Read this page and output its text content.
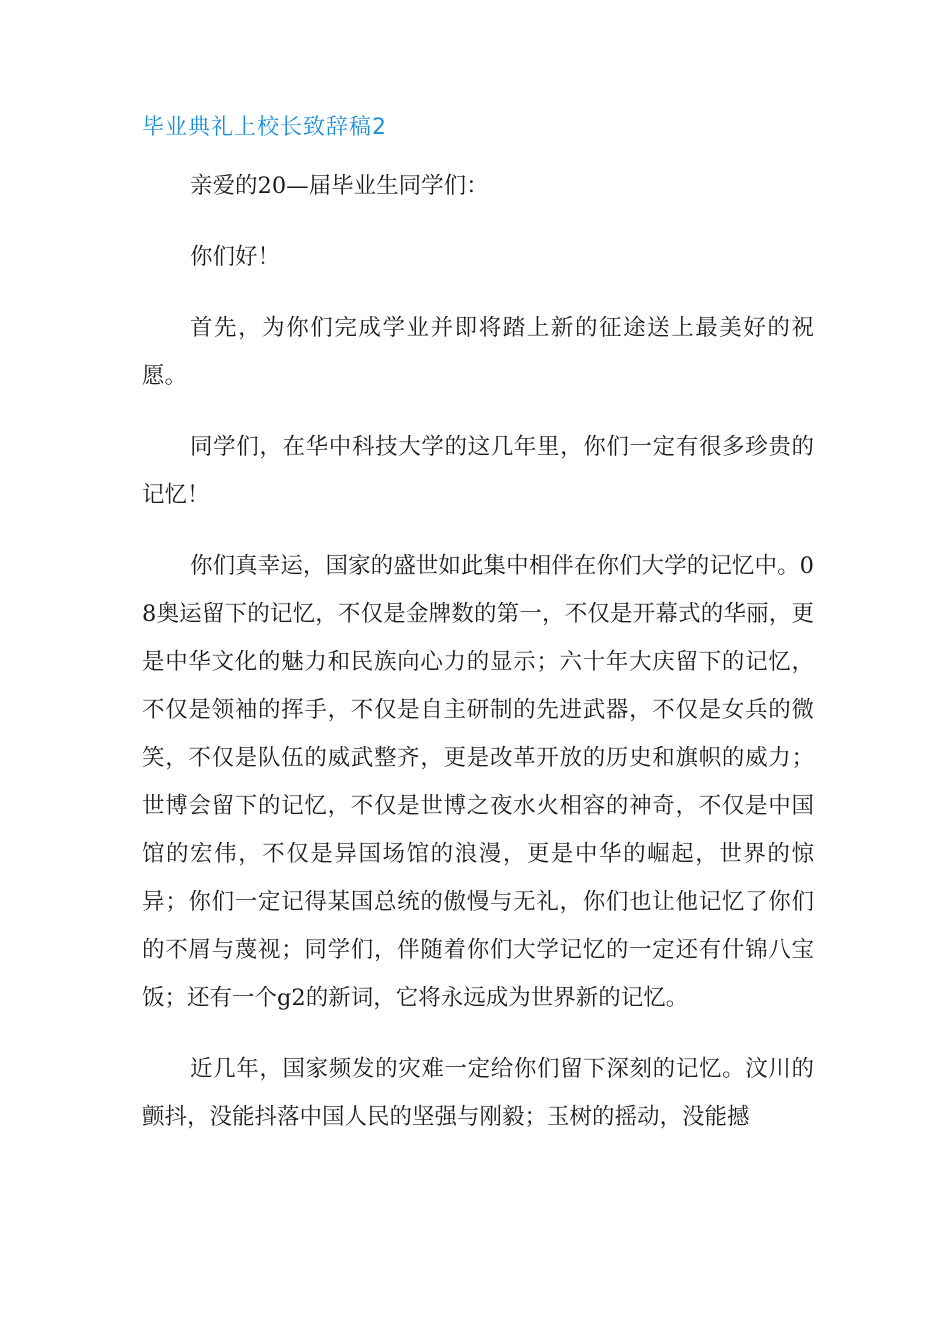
毕业典礼上校长致辞稿2

亲爱的20—届毕业生同学们：

你们好！

首先，为你们完成学业并即将踏上新的征途送上最美好的祝愿。

同学们，在华中科技大学的这几年里，你们一定有很多珍贵的记忆！

你们真幸运，国家的盛世如此集中相伴在你们大学的记忆中。08奥运留下的记忆，不仅是金牌数的第一，不仅是开幕式的华丽，更是中华文化的魅力和民族向心力的显示；六十年大庆留下的记忆，不仅是领袖的挥手，不仅是自主研制的先进武器，不仅是女兵的微笑，不仅是队伍的威武整齐，更是改革开放的历史和旗帜的威力；世博会留下的记忆，不仅是世博之夜水火相容的神奇，不仅是中国馆的宏伟，不仅是异国场馆的浪漫，更是中华的崛起，世界的惊异；你们一定记得某国总统的傲慢与无礼，你们也让他记忆了你们的不屑与蔑视；同学们，伴随着你们大学记忆的一定还有什锦八宝饭；还有一个g2的新词，它将永远成为世界新的记忆。

近几年，国家频发的灾难一定给你们留下深刻的记忆。汶川的颤抖，没能抖落中国人民的坚强与刚毅；玉树的摇动，没能撼
